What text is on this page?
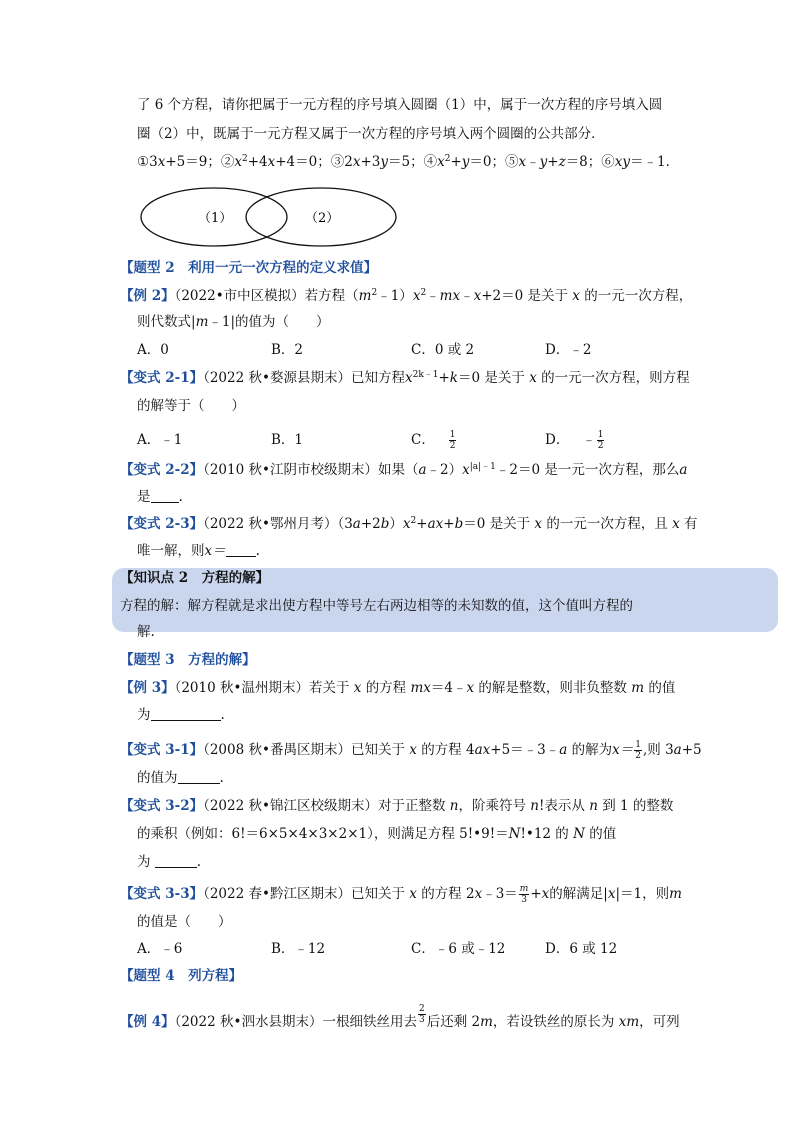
了 6 个方程，请你把属于一元方程的序号填入圆圈（1）中，属于一次方程的序号填入圆
圈（2）中，既属于一元方程又属于一次方程的序号填入两个圆圈的公共部分．
①3x+5＝9；$②x^2+4x+4=0$；③2x+3y＝5；$④x^2+y=0$；⑤x﹣y+z＝8；⑥xy＝﹣1．
（1）	（2）
【题型 2　利用一元一次方程的定义求值】
【例 2】（2022•市中区模拟）若方程$(m^2﹣1)x^2﹣mx﹣x+2=0$ 是关于 x 的一元一次方程，
则代数式|m﹣1|的值为（　　）
A．0	B．2	C．0 或 2	D．﹣2
【变式 2-1】（2022 秋•婺源县期末）已知方程$x^{2k﹣1}+k=0$ 是关于 x 的一元一次方程，则方程
的解等于（　　）
A．﹣1	B．1	C． $\frac{1}{2}$	D． ﹣ $\frac{1}{2}$
【变式 2-2】（2010 秋•江阴市校级期末）如果$(a﹣2)x^{|a|﹣1}﹣2=0$ 是一元一次方程，那么a
是 .
【变式 2-3】（2022 秋•鄂州月考）$(3a+2b)x^2+ax+b=0$ 是关于 x 的一元一次方程，且 x 有
唯一解，则x＝ .
【知识点 2　方程的解】
方程的解：解方程就是求出使方程中等号左右两边相等的未知数的值，这个值叫方程的
解.
【题型 3　方程的解】
【例 3】（2010 秋•温州期末）若关于 x 的方程 mx＝4﹣x 的解是整数，则非负整数 m 的值
为	.
【变式 3-1】（2008 秋•番禺区期末）已知关于 x 的方程 4ax+5＝﹣3﹣a 的解为$x= \frac{1}{2}$ ,则 3a+5
的值为	.
【变式 3-2】（2022 秋•锦江区校级期末）对于正整数 n，阶乘符号 n!表示从 n 到 1 的整数
的乘积（例如：6!＝6×5×4×3×2×1），则满足方程 5!•9!＝N!•12 的 N 的值
为	.
【变式 3-3】（2022 春•黔江区期末）已知关于 x 的方程 2x﹣3＝ $\frac{m}{3} +x$的解满足|x|＝1，则m
的值是（　　）
A．﹣6	B．﹣12	C．﹣6 或﹣12	D．6 或 12
【题型 4　列方程】
【例 4】（2022 秋•泗水县期末）一根细铁丝用去 $\frac{2}{3}$ 后还剩 2m，若设铁丝的原长为 xm，可列
